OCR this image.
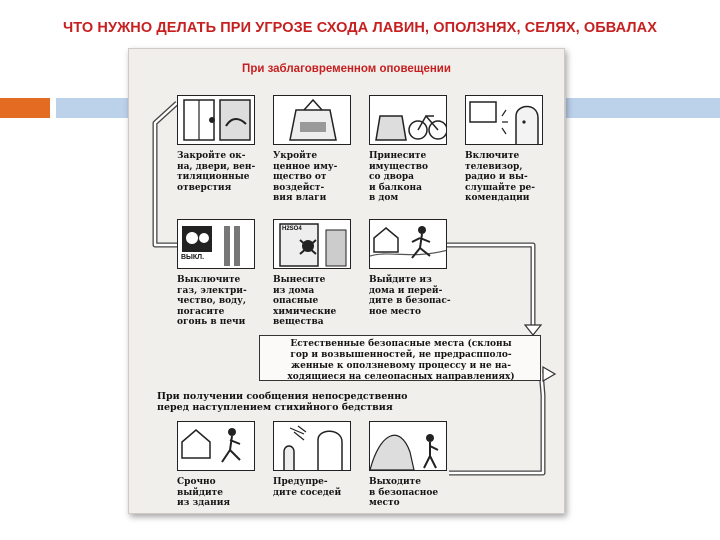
ЧТО НУЖНО ДЕЛАТЬ ПРИ УГРОЗЕ СХОДА ЛАВИН, ОПОЛЗНЯХ, СЕЛЯХ, ОБВАЛАХ
При заблаговременном оповещении
Закройте ок-
на, двери, вен-
тиляционные
отверстия
Укройте
ценное иму-
щество от
воздейст-
вия влаги
Принесите
имущество
со двора
и балкона
в дом
Включите
телевизор,
радио и вы-
слушайте ре-
комендации
ВЫКЛ.
H2SO4
Выключите
газ, электри-
чество, воду,
погасите
огонь в печи
Вынесите
из дома
опасные
химические
вещества
Выйдите из
дома и перей-
дите в безопас-
ное место
Естественные безопасные места (склоны
гор и возвышенностей, не предраспполо-
женные к оползневому процессу и не на-
ходящиеся на селеопасных направлениях)
При получении сообщения непосредственно
перед наступлением стихийного бедствия
Срочно
выйдите
из здания
Предупре-
дите соседей
Выходите
в безопасное
место
